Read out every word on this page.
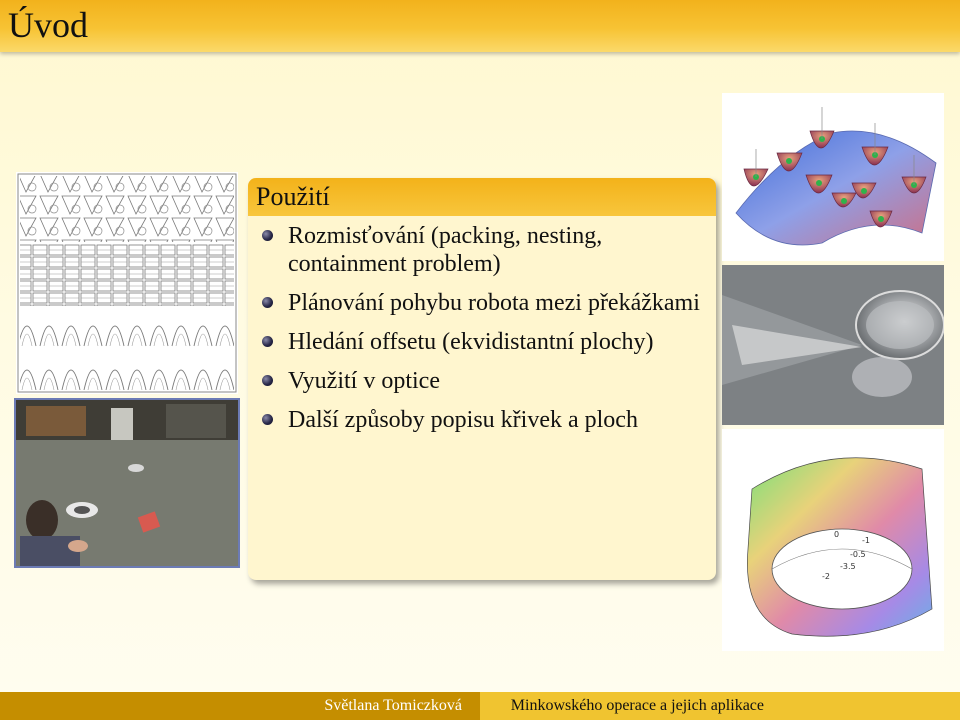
Úvod
Použití
Rozmisťování (packing, nesting, containment problem)
Plánování pohybu robota mezi překážkami
Hledání offsetu (ekvidistantní plochy)
Využití v optice
Další způsoby popisu křivek a ploch
0
-0.5
-2
-3.5
-1
Světlana Tomiczková	Minkowského operace a jejich aplikace
